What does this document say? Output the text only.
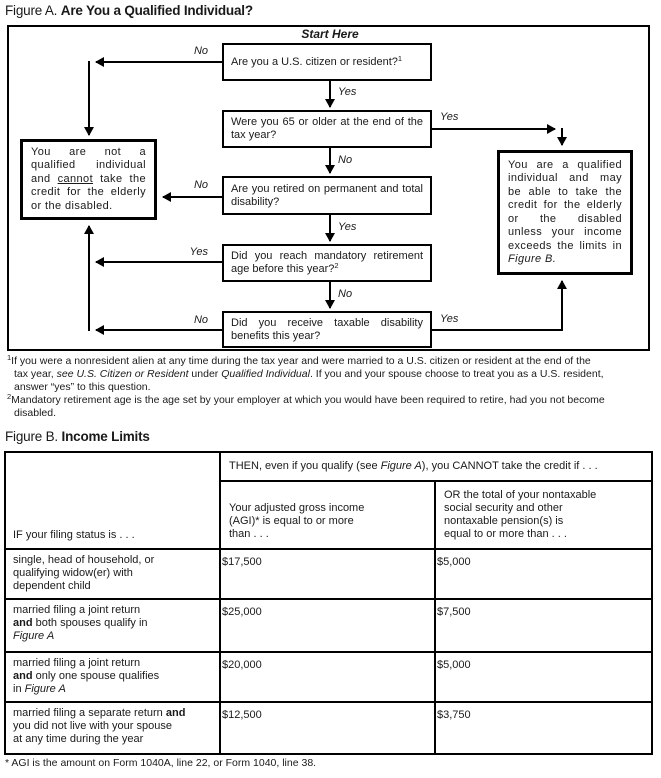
Figure A. Are You a Qualified Individual?
Start Here
Are you a U.S. citizen or resident?$^1$
Were you 65 or older at the end of the tax year?
Are you retired on permanent and total disability?
Did you reach mandatory retirement age before this year?$^2$
Did you receive taxable disability benefits this year?
You are not a qualified individual and cannot take the credit for the elderly or the disabled.
You are a qualified individual and may be able to take the credit for the elderly or the disabled unless your income exceeds the limits in Figure B.
No
Yes
Yes
No
No
Yes
Yes
No
No	Yes

$^1$If you were a nonresident alien at any time during the tax year and were married to a U.S. citizen or resident at the end of the
tax year, see U.S. Citizen or Resident under Qualified Individual. If you and your spouse choose to treat you as a U.S. resident,
answer “yes” to this question.

$^2$Mandatory retirement age is the age set by your employer at which you would have been required to retire, had you not become
disabled.

Figure B. Income Limits
IF your filing status is . . .	THEN, even if you qualify (see Figure A), you CANNOT take the credit if . . .	
	Your adjusted gross income
(AGI)* is equal to or more
than . . .	OR the total of your nontaxable
social security and other
nontaxable pension(s) is
equal to or more than . . .
single, head of household, or
qualifying widow(er) with
dependent child	$17,500	$5,000
married filing a joint return
and both spouses qualify in
Figure A	$25,000	$7,500
married filing a joint return
and only one spouse qualifies
in Figure A	$20,000	$5,000
married filing a separate return and
you did not live with your spouse
at any time during the year	$12,500	$3,750
* AGI is the amount on Form 1040A, line 22, or Form 1040, line 38.
